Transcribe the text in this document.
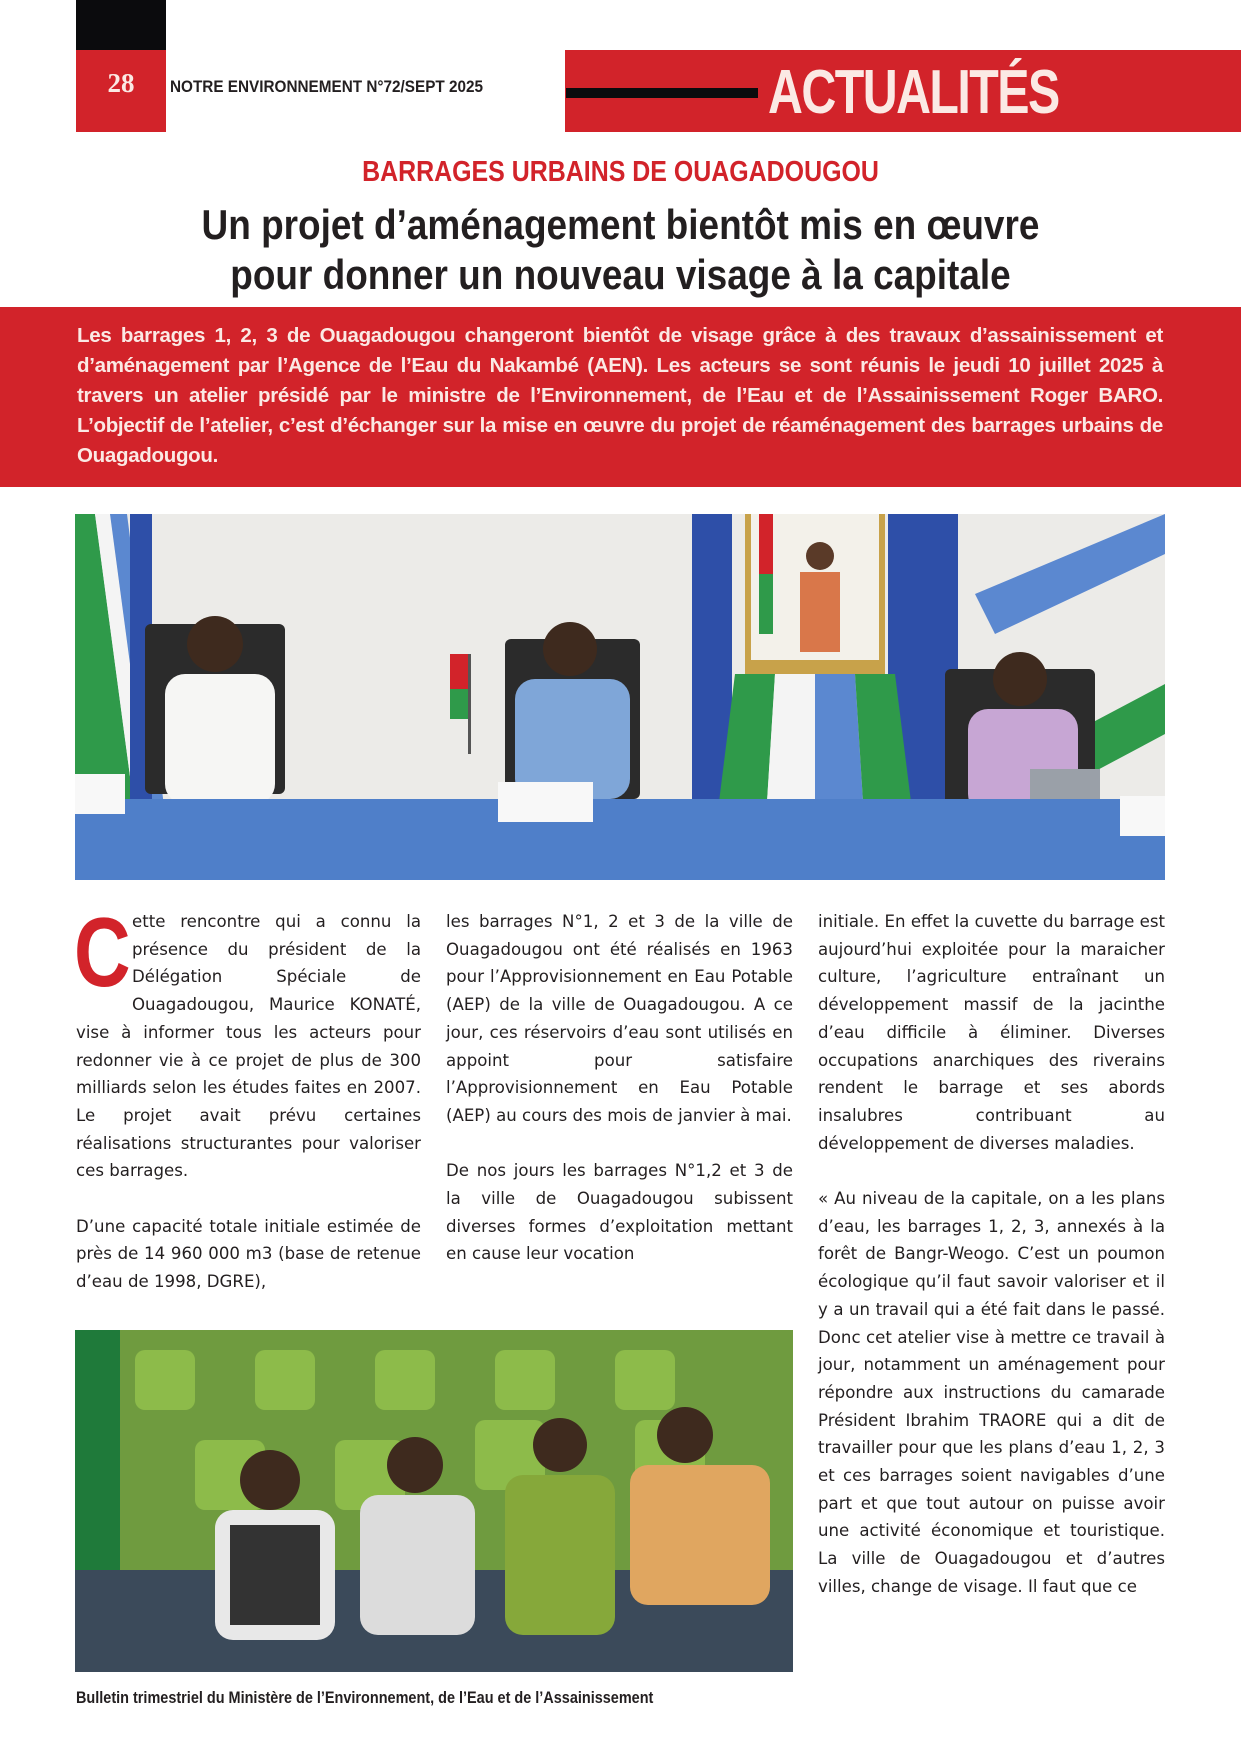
28	NOTRE ENVIRONNEMENT N°72/SEPT 2025	ACTUALITÉS
BARRAGES URBAINS DE OUAGADOUGOU
Un projet d’aménagement bientôt mis en œuvre
pour donner un nouveau visage à la capitale

Les barrages 1, 2, 3 de Ouagadougou changeront bientôt de visage grâce à des travaux d’assainissement et d’aménagement par l’Agence de l’Eau du Nakambé (AEN). Les acteurs se sont réunis le jeudi 10 juillet 2025 à travers un atelier présidé par le ministre de l’Environnement, de l’Eau et de l’Assainissement Roger BARO. L’objectif de l’atelier, c’est d’échanger sur la mise en œuvre du projet de réaménagement des barrages urbains de Ouagadougou.

Cette rencontre qui a connu la présence du président de la Délégation Spéciale de Ouagadougou, Maurice KONATÉ, vise à informer tous les acteurs pour redonner vie à ce projet de plus de 300 milliards selon les études faites en 2007. Le projet avait prévu certaines réalisations structurantes pour valoriser ces barrages.

D’une capacité totale initiale estimée de près de 14 960 000 m3 (base de retenue d’eau de 1998, DGRE),

les barrages N°1, 2 et 3 de la ville de Ouagadougou ont été réalisés en 1963 pour l’Approvisionnement en Eau Potable (AEP) de la ville de Ouagadougou. A ce jour, ces réservoirs d’eau sont utilisés en appoint pour satisfaire l’Approvisionnement en Eau Potable (AEP) au cours des mois de janvier à mai.

De nos jours les barrages N°1,2 et 3 de la ville de Ouagadougou subissent diverses formes d’exploitation mettant en cause leur vocation

initiale. En effet la cuvette du barrage est aujourd’hui exploitée pour la maraicher culture, l’agriculture entraînant un développement massif de la jacinthe d’eau difficile à éliminer. Diverses occupations anarchiques des riverains rendent le barrage et ses abords insalubres contribuant au développement de diverses maladies.

« Au niveau de la capitale, on a les plans d’eau, les barrages 1, 2, 3, annexés à la forêt de Bangr-Weogo. C’est un poumon écologique qu’il faut savoir valoriser et il y a un travail qui a été fait dans le passé. Donc cet atelier vise à mettre ce travail à jour, notamment un aménagement pour répondre aux instructions du camarade Président Ibrahim TRAORE qui a dit de travailler pour que les plans d’eau 1, 2, 3 et ces barrages soient navigables d’une part et que tout autour on puisse avoir une activité économique et touristique. La ville de Ouagadougou et d’autres villes, change de visage. Il faut que ce

Bulletin trimestriel du Ministère de l’Environnement, de l’Eau et de l’Assainissement
